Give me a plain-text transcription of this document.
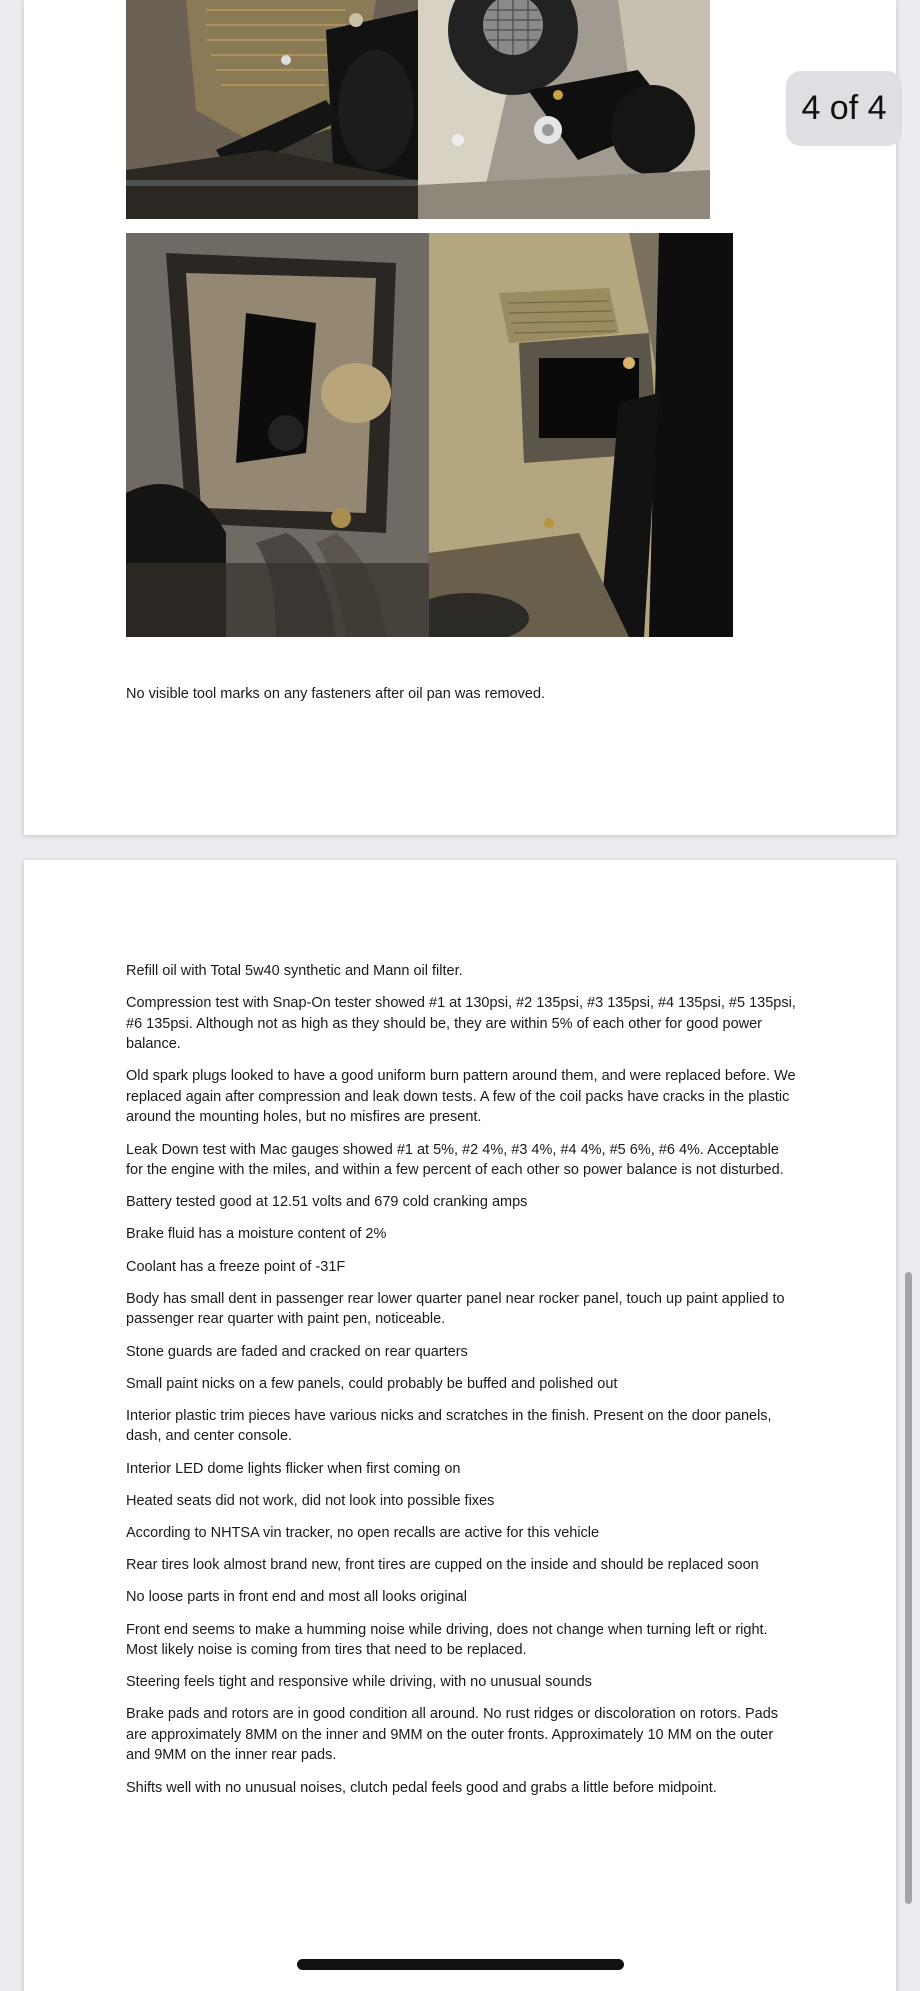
No visible tool marks on any fasteners after oil pan was removed.
4 of 4

Refill oil with Total 5w40 synthetic and Mann oil filter.

Compression test with Snap-On tester showed #1 at 130psi, #2 135psi, #3 135psi, #4 135psi, #5 135psi, #6 135psi. Although not as high as they should be, they are within 5% of each other for good power balance.

Old spark plugs looked to have a good uniform burn pattern around them, and were replaced before. We replaced again after compression and leak down tests. A few of the coil packs have cracks in the plastic around the mounting holes, but no misfires are present.

Leak Down test with Mac gauges showed #1 at 5%, #2 4%, #3 4%, #4 4%, #5 6%, #6 4%. Acceptable for the engine with the miles, and within a few percent of each other so power balance is not disturbed.

Battery tested good at 12.51 volts and 679 cold cranking amps

Brake fluid has a moisture content of 2%

Coolant has a freeze point of -31F

Body has small dent in passenger rear lower quarter panel near rocker panel, touch up paint applied to passenger rear quarter with paint pen, noticeable.

Stone guards are faded and cracked on rear quarters

Small paint nicks on a few panels, could probably be buffed and polished out

Interior plastic trim pieces have various nicks and scratches in the finish. Present on the door panels, dash, and center console.

Interior LED dome lights flicker when first coming on

Heated seats did not work, did not look into possible fixes

According to NHTSA vin tracker, no open recalls are active for this vehicle

Rear tires look almost brand new, front tires are cupped on the inside and should be replaced soon

No loose parts in front end and most all looks original

Front end seems to make a humming noise while driving, does not change when turning left or right. Most likely noise is coming from tires that need to be replaced.

Steering feels tight and responsive while driving, with no unusual sounds

Brake pads and rotors are in good condition all around. No rust ridges or discoloration on rotors. Pads are approximately 8MM on the inner and 9MM on the outer fronts. Approximately 10 MM on the outer and 9MM on the inner rear pads.

Shifts well with no unusual noises, clutch pedal feels good and grabs a little before midpoint.
